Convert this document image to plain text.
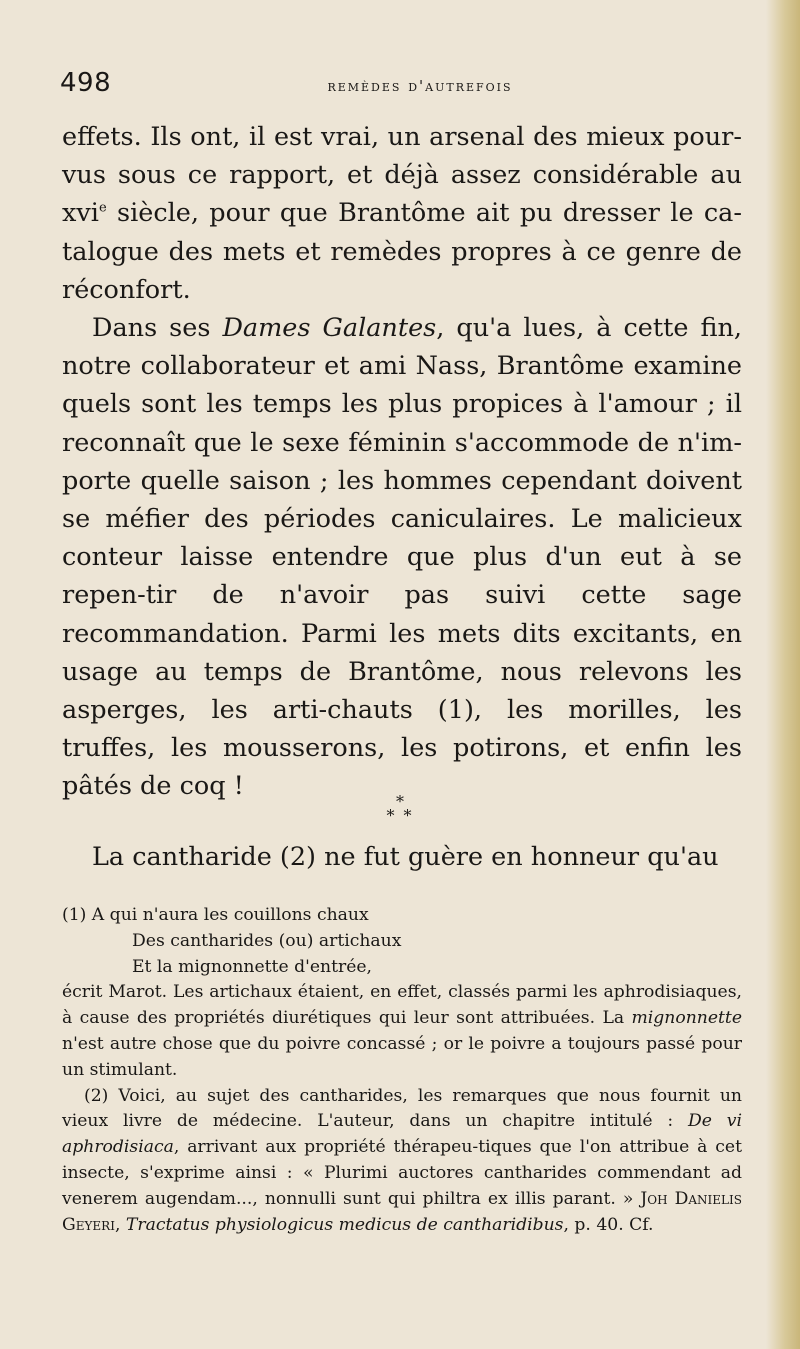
498	remèdes d'autrefois

effets. Ils ont, il est vrai, un arsenal des mieux pour-vus sous ce rapport, et déjà assez considérable au xvi$^e$ siècle, pour que Brantôme ait pu dresser le ca-talogue des mets et remèdes propres à ce genre de réconfort.

Dans ses Dames Galantes, qu'a lues, à cette fin, notre collaborateur et ami Nass, Brantôme examine quels sont les temps les plus propices à l'amour ; il reconnaît que le sexe féminin s'accommode de n'im-porte quelle saison ; les hommes cependant doivent se méfier des périodes caniculaires. Le malicieux conteur laisse entendre que plus d'un eut à se repen-tir de n'avoir pas suivi cette sage recommandation. Parmi les mets dits excitants, en usage au temps de Brantôme, nous relevons les asperges, les arti-chauts (1), les morilles, les truffes, les mousserons, les potirons, et enfin les pâtés de coq !

*
* *

La cantharide (2) ne fut guère en honneur qu'au

(1) A qui n'aura les couillons chaux

Des cantharides (ou) artichaux

Et la mignonnette d'entrée,

écrit Marot. Les artichaux étaient, en effet, classés parmi les aphrodisiaques, à cause des propriétés diurétiques qui leur sont attribuées. La mignonnette n'est autre chose que du poivre concassé ; or le poivre a toujours passé pour un stimulant.

(2) Voici, au sujet des cantharides, les remarques que nous fournit un vieux livre de médecine. L'auteur, dans un chapitre intitulé : De vi aphrodisiaca, arrivant aux propriété thérapeu-tiques que l'on attribue à cet insecte, s'exprime ainsi : « Plurimi auctores cantharides commendant ad venerem augendam..., nonnulli sunt qui philtra ex illis parant. » Joh Danielis Geyeri, Tractatus physiologicus medicus de cantharidibus, p. 40. Cf.
